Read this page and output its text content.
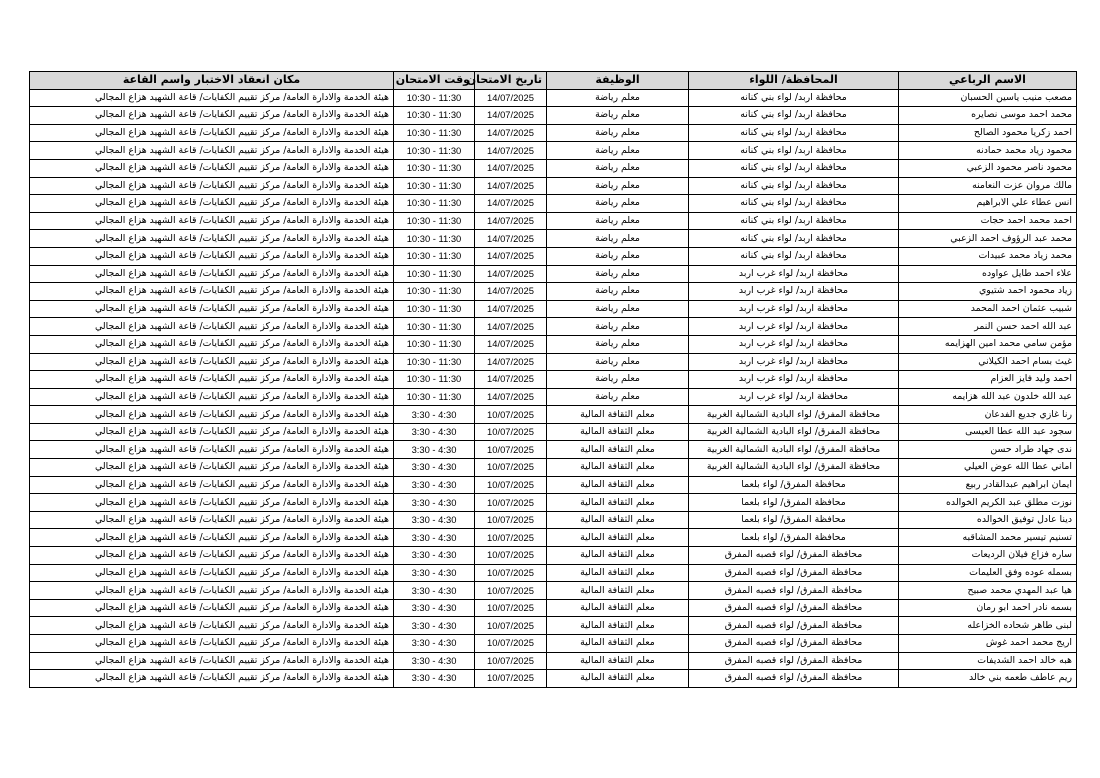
الاسم الرباعي	المحافظة/ اللواء	الوظيفة	تاريخ الامتحان	وقت الامتحان	مكان انعقاد الاختبار واسم القاعة
مصعب منيب ياسين الحسبان	محافظة اربد/ لواء بني كنانه	معلم رياضة	14/07/2025	10:30 - 11:30	هيئة الخدمة والادارة العامة/ مركز تقييم الكفايات/ قاعة الشهيد هزاع المجالي
محمد احمد موسى نصايره	محافظة اربد/ لواء بني كنانه	معلم رياضة	14/07/2025	10:30 - 11:30	هيئة الخدمة والادارة العامة/ مركز تقييم الكفايات/ قاعة الشهيد هزاع المجالي
احمد زكريا محمود الصالح	محافظة اربد/ لواء بني كنانه	معلم رياضة	14/07/2025	10:30 - 11:30	هيئة الخدمة والادارة العامة/ مركز تقييم الكفايات/ قاعة الشهيد هزاع المجالي
محمود زياد محمد حمادنه	محافظة اربد/ لواء بني كنانه	معلم رياضة	14/07/2025	10:30 - 11:30	هيئة الخدمة والادارة العامة/ مركز تقييم الكفايات/ قاعة الشهيد هزاع المجالي
محمود ناصر محمود الزعبي	محافظة اربد/ لواء بني كنانه	معلم رياضة	14/07/2025	10:30 - 11:30	هيئة الخدمة والادارة العامة/ مركز تقييم الكفايات/ قاعة الشهيد هزاع المجالي
مالك مروان عزت النعامنه	محافظة اربد/ لواء بني كنانه	معلم رياضة	14/07/2025	10:30 - 11:30	هيئة الخدمة والادارة العامة/ مركز تقييم الكفايات/ قاعة الشهيد هزاع المجالي
انس عطاء علي الابراهيم	محافظة اربد/ لواء بني كنانه	معلم رياضة	14/07/2025	10:30 - 11:30	هيئة الخدمة والادارة العامة/ مركز تقييم الكفايات/ قاعة الشهيد هزاع المجالي
احمد محمد احمد حجات	محافظة اربد/ لواء بني كنانه	معلم رياضة	14/07/2025	10:30 - 11:30	هيئة الخدمة والادارة العامة/ مركز تقييم الكفايات/ قاعة الشهيد هزاع المجالي
محمد عبد الرؤوف احمد الزعبي	محافظة اربد/ لواء بني كنانه	معلم رياضة	14/07/2025	10:30 - 11:30	هيئة الخدمة والادارة العامة/ مركز تقييم الكفايات/ قاعة الشهيد هزاع المجالي
محمد زياد محمد عبيدات	محافظة اربد/ لواء بني كنانه	معلم رياضة	14/07/2025	10:30 - 11:30	هيئة الخدمة والادارة العامة/ مركز تقييم الكفايات/ قاعة الشهيد هزاع المجالي
علاء احمد طايل عواوده	محافظة اربد/ لواء غرب اربد	معلم رياضة	14/07/2025	10:30 - 11:30	هيئة الخدمة والادارة العامة/ مركز تقييم الكفايات/ قاعة الشهيد هزاع المجالي
زياد محمود احمد شتيوي	محافظة اربد/ لواء غرب اربد	معلم رياضة	14/07/2025	10:30 - 11:30	هيئة الخدمة والادارة العامة/ مركز تقييم الكفايات/ قاعة الشهيد هزاع المجالي
شبيب عثمان احمد المحمد	محافظة اربد/ لواء غرب اربد	معلم رياضة	14/07/2025	10:30 - 11:30	هيئة الخدمة والادارة العامة/ مركز تقييم الكفايات/ قاعة الشهيد هزاع المجالي
عبد الله احمد حسن النمر	محافظة اربد/ لواء غرب اربد	معلم رياضة	14/07/2025	10:30 - 11:30	هيئة الخدمة والادارة العامة/ مركز تقييم الكفايات/ قاعة الشهيد هزاع المجالي
مؤمن سامي محمد امين الهزايمه	محافظة اربد/ لواء غرب اربد	معلم رياضة	14/07/2025	10:30 - 11:30	هيئة الخدمة والادارة العامة/ مركز تقييم الكفايات/ قاعة الشهيد هزاع المجالي
غيث بسام احمد الكيلاني	محافظة اربد/ لواء غرب اربد	معلم رياضة	14/07/2025	10:30 - 11:30	هيئة الخدمة والادارة العامة/ مركز تقييم الكفايات/ قاعة الشهيد هزاع المجالي
احمد وليد فايز العزام	محافظة اربد/ لواء غرب اربد	معلم رياضة	14/07/2025	10:30 - 11:30	هيئة الخدمة والادارة العامة/ مركز تقييم الكفايات/ قاعة الشهيد هزاع المجالي
عبد الله خلدون عبد الله هزايمه	محافظة اربد/ لواء غرب اربد	معلم رياضة	14/07/2025	10:30 - 11:30	هيئة الخدمة والادارة العامة/ مركز تقييم الكفايات/ قاعة الشهيد هزاع المجالي
رنا غازي جديع الفدعان	محافظة المفرق/ لواء البادية الشمالية الغربية	معلم الثقافة المالية	10/07/2025	3:30 - 4:30	هيئة الخدمة والادارة العامة/ مركز تقييم الكفايات/ قاعة الشهيد هزاع المجالي
سجود عبد الله عطا العيسى	محافظة المفرق/ لواء البادية الشمالية الغربية	معلم الثقافة المالية	10/07/2025	3:30 - 4:30	هيئة الخدمة والادارة العامة/ مركز تقييم الكفايات/ قاعة الشهيد هزاع المجالي
ندى جهاد طراد حسن	محافظة المفرق/ لواء البادية الشمالية الغربية	معلم الثقافة المالية	10/07/2025	3:30 - 4:30	هيئة الخدمة والادارة العامة/ مركز تقييم الكفايات/ قاعة الشهيد هزاع المجالي
اماني عطا الله عوض العيلي	محافظة المفرق/ لواء البادية الشمالية الغربية	معلم الثقافة المالية	10/07/2025	3:30 - 4:30	هيئة الخدمة والادارة العامة/ مركز تقييم الكفايات/ قاعة الشهيد هزاع المجالي
ايمان ابراهيم عبدالقادر ربيع	محافظة المفرق/ لواء بلعما	معلم الثقافة المالية	10/07/2025	3:30 - 4:30	هيئة الخدمة والادارة العامة/ مركز تقييم الكفايات/ قاعة الشهيد هزاع المجالي
نوزت مطلق عبد الكريم الخوالده	محافظة المفرق/ لواء بلعما	معلم الثقافة المالية	10/07/2025	3:30 - 4:30	هيئة الخدمة والادارة العامة/ مركز تقييم الكفايات/ قاعة الشهيد هزاع المجالي
دينا عادل توفيق الخوالده	محافظة المفرق/ لواء بلعما	معلم الثقافة المالية	10/07/2025	3:30 - 4:30	هيئة الخدمة والادارة العامة/ مركز تقييم الكفايات/ قاعة الشهيد هزاع المجالي
تسنيم تيسير محمد المشاقبه	محافظة المفرق/ لواء بلعما	معلم الثقافة المالية	10/07/2025	3:30 - 4:30	هيئة الخدمة والادارة العامة/ مركز تقييم الكفايات/ قاعة الشهيد هزاع المجالي
ساره فزاع فيلان الرديعات	محافظة المفرق/ لواء قصبه المفرق	معلم الثقافة المالية	10/07/2025	3:30 - 4:30	هيئة الخدمة والادارة العامة/ مركز تقييم الكفايات/ قاعة الشهيد هزاع المجالي
بسمله عوده وفق العليمات	محافظة المفرق/ لواء قصبه المفرق	معلم الثقافة المالية	10/07/2025	3:30 - 4:30	هيئة الخدمة والادارة العامة/ مركز تقييم الكفايات/ قاعة الشهيد هزاع المجالي
هيا عبد المهدي محمد صبيح	محافظة المفرق/ لواء قصبه المفرق	معلم الثقافة المالية	10/07/2025	3:30 - 4:30	هيئة الخدمة والادارة العامة/ مركز تقييم الكفايات/ قاعة الشهيد هزاع المجالي
بسمه نادر احمد ابو رمان	محافظة المفرق/ لواء قصبه المفرق	معلم الثقافة المالية	10/07/2025	3:30 - 4:30	هيئة الخدمة والادارة العامة/ مركز تقييم الكفايات/ قاعة الشهيد هزاع المجالي
لبنى طاهر شحاده الخزاعله	محافظة المفرق/ لواء قصبه المفرق	معلم الثقافة المالية	10/07/2025	3:30 - 4:30	هيئة الخدمة والادارة العامة/ مركز تقييم الكفايات/ قاعة الشهيد هزاع المجالي
اريج محمد احمد غوش	محافظة المفرق/ لواء قصبه المفرق	معلم الثقافة المالية	10/07/2025	3:30 - 4:30	هيئة الخدمة والادارة العامة/ مركز تقييم الكفايات/ قاعة الشهيد هزاع المجالي
هبه خالد احمد الشديفات	محافظة المفرق/ لواء قصبه المفرق	معلم الثقافة المالية	10/07/2025	3:30 - 4:30	هيئة الخدمة والادارة العامة/ مركز تقييم الكفايات/ قاعة الشهيد هزاع المجالي
ريم عاطف طعمه بني خالد	محافظة المفرق/ لواء قصبه المفرق	معلم الثقافة المالية	10/07/2025	3:30 - 4:30	هيئة الخدمة والادارة العامة/ مركز تقييم الكفايات/ قاعة الشهيد هزاع المجالي
